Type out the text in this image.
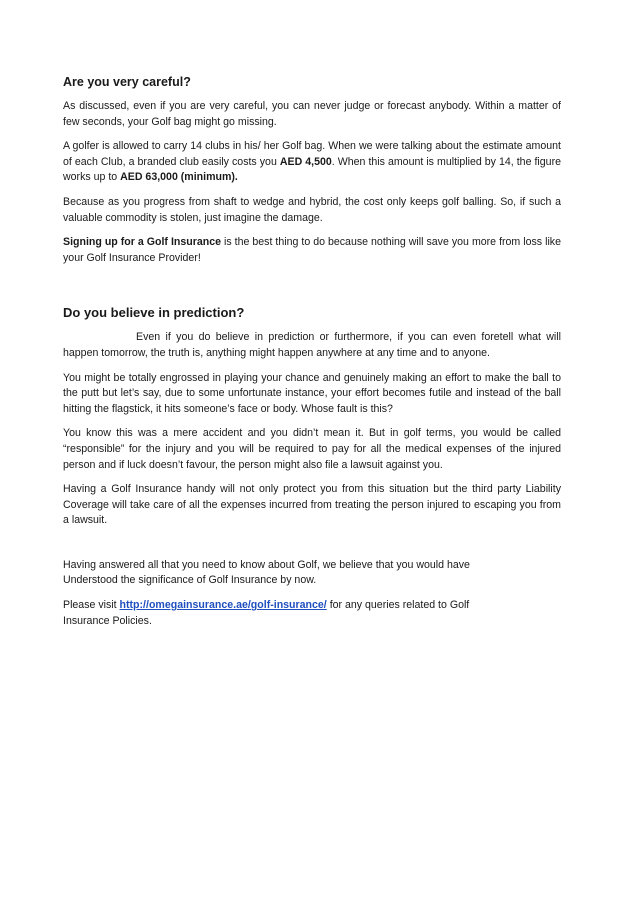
Are you very careful?
As discussed, even if you are very careful, you can never judge or forecast anybody. Within a matter of few seconds, your Golf bag might go missing.
A golfer is allowed to carry 14 clubs in his/ her Golf bag. When we were talking about the estimate amount of each Club, a branded club easily costs you AED 4,500. When this amount is multiplied by 14, the figure works up to AED 63,000 (minimum).
Because as you progress from shaft to wedge and hybrid, the cost only keeps golf balling. So, if such a valuable commodity is stolen, just imagine the damage.
Signing up for a Golf Insurance is the best thing to do because nothing will save you more from loss like your Golf Insurance Provider!
Do you believe in prediction?
Even if you do believe in prediction or furthermore, if you can even foretell what will happen tomorrow, the truth is, anything might happen anywhere at any time and to anyone.
You might be totally engrossed in playing your chance and genuinely making an effort to make the ball to the putt but let’s say, due to some unfortunate instance, your effort becomes futile and instead of the ball hitting the flagstick, it hits someone’s face or body. Whose fault is this?
You know this was a mere accident and you didn’t mean it. But in golf terms, you would be called “responsible” for the injury and you will be required to pay for all the medical expenses of the injured person and if luck doesn’t favour, the person might also file a lawsuit against you.
Having a Golf Insurance handy will not only protect you from this situation but the third party Liability Coverage will take care of all the expenses incurred from treating the person injured to escaping you from a lawsuit.
Having answered all that you need to know about Golf, we believe that you would have
Understood the significance of Golf Insurance by now.
Please visit http://omegainsurance.ae/golf-insurance/ for any queries related to Golf
Insurance Policies.
